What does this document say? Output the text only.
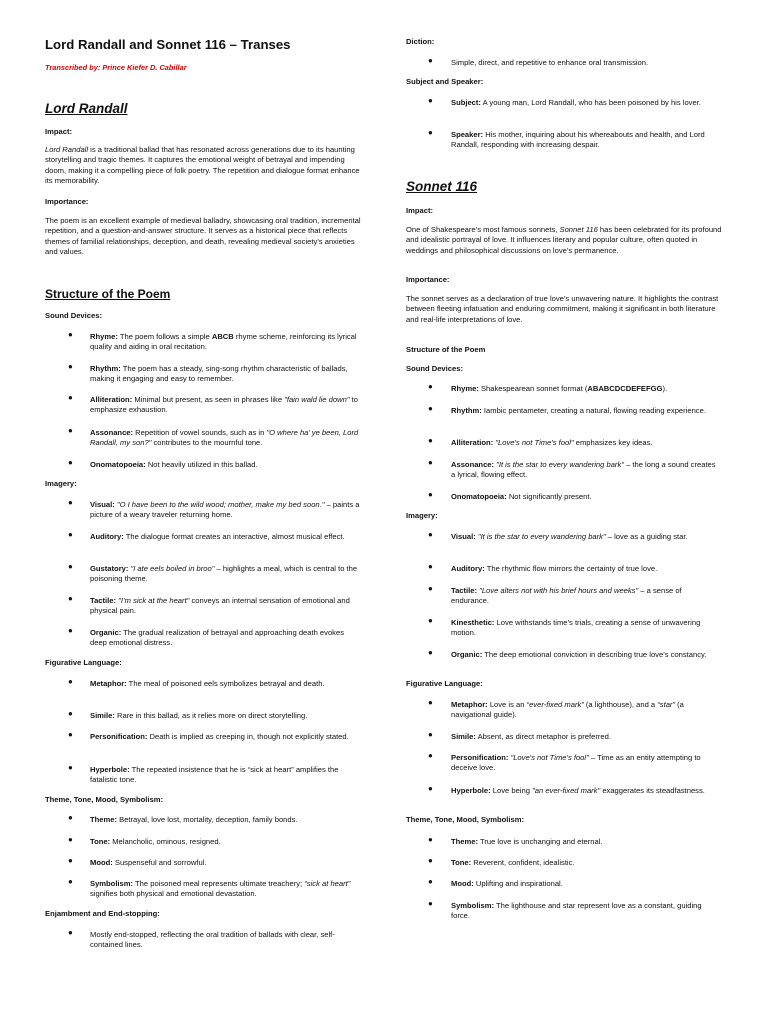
Lord Randall and Sonnet 116 – Transes

Transcribed by: Prince Kiefer D. Cabillar

Lord Randall

Impact:

Lord Randall is a traditional ballad that has resonated across generations due to its haunting storytelling and tragic themes. It captures the emotional weight of betrayal and impending doom, making it a compelling piece of folk poetry. The repetition and dialogue format enhance its memorability.

Importance:

The poem is an excellent example of medieval balladry, showcasing oral tradition, incremental repetition, and a question-and-answer structure. It serves as a historical piece that reflects themes of familial relationships, deception, and death, revealing medieval society’s anxieties and values.

Structure of the Poem

Sound Devices:

● Rhyme: The poem follows a simple ABCB rhyme scheme, reinforcing its lyrical quality and aiding in oral recitation.

● Rhythm: The poem has a steady, sing-song rhythm characteristic of ballads, making it engaging and easy to remember.

● Alliteration: Minimal but present, as seen in phrases like "fain wald lie down" to emphasize exhaustion.

● Assonance: Repetition of vowel sounds, such as in "O where ha’ ye been, Lord Randall, my son?" contributes to the mournful tone.

● Onomatopoeia: Not heavily utilized in this ballad.

Imagery:

● Visual: "O I have been to the wild wood; mother, make my bed soon." – paints a picture of a weary traveler returning home.

● Auditory: The dialogue format creates an interactive, almost musical effect.

● Gustatory: "I ate eels boiled in broo" – highlights a meal, which is central to the poisoning theme.

● Tactile: "I’m sick at the heart" conveys an internal sensation of emotional and physical pain.

● Organic: The gradual realization of betrayal and approaching death evokes deep emotional distress.

Figurative Language:

● Metaphor: The meal of poisoned eels symbolizes betrayal and death.

● Simile: Rare in this ballad, as it relies more on direct storytelling.

● Personification: Death is implied as creeping in, though not explicitly stated.

● Hyperbole: The repeated insistence that he is “sick at heart” amplifies the fatalistic tone.

Theme, Tone, Mood, Symbolism:

● Theme: Betrayal, love lost, mortality, deception, family bonds.

● Tone: Melancholic, ominous, resigned.

● Mood: Suspenseful and sorrowful.

● Symbolism: The poisoned meal represents ultimate treachery; “sick at heart” signifies both physical and emotional devastation.

Enjambment and End-stopping:

● Mostly end-stopped, reflecting the oral tradition of ballads with clear, self-contained lines.

Diction:

● Simple, direct, and repetitive to enhance oral transmission.

Subject and Speaker:

● Subject: A young man, Lord Randall, who has been poisoned by his lover.

● Speaker: His mother, inquiring about his whereabouts and health, and Lord Randall, responding with increasing despair.

Sonnet 116

Impact:

One of Shakespeare’s most famous sonnets, Sonnet 116 has been celebrated for its profound and idealistic portrayal of love. It influences literary and popular culture, often quoted in weddings and philosophical discussions on love’s permanence.

Importance:

The sonnet serves as a declaration of true love’s unwavering nature. It highlights the contrast between fleeting infatuation and enduring commitment, making it significant in both literature and real-life interpretations of love.

Structure of the Poem

Sound Devices:

● Rhyme: Shakespearean sonnet format (ABABCDCDEFEFGG).

● Rhythm: Iambic pentameter, creating a natural, flowing reading experience.

● Alliteration: "Love's not Time's fool" emphasizes key ideas.

● Assonance: "It is the star to every wandering bark" – the long a sound creates a lyrical, flowing effect.

● Onomatopoeia: Not significantly present.

Imagery:

● Visual: "It is the star to every wandering bark" – love as a guiding star.

● Auditory: The rhythmic flow mirrors the certainty of true love.

● Tactile: "Love alters not with his brief hours and weeks" – a sense of endurance.

● Kinesthetic: Love withstands time’s trials, creating a sense of unwavering motion.

● Organic: The deep emotional conviction in describing true love’s constancy.

Figurative Language:

● Metaphor: Love is an “ever-fixed mark” (a lighthouse), and a “star” (a navigational guide).

● Simile: Absent, as direct metaphor is preferred.

● Personification: "Love's not Time's fool" – Time as an entity attempting to deceive love.

● Hyperbole: Love being "an ever-fixed mark" exaggerates its steadfastness.

Theme, Tone, Mood, Symbolism:

● Theme: True love is unchanging and eternal.

● Tone: Reverent, confident, idealistic.

● Mood: Uplifting and inspirational.

● Symbolism: The lighthouse and star represent love as a constant, guiding force.
